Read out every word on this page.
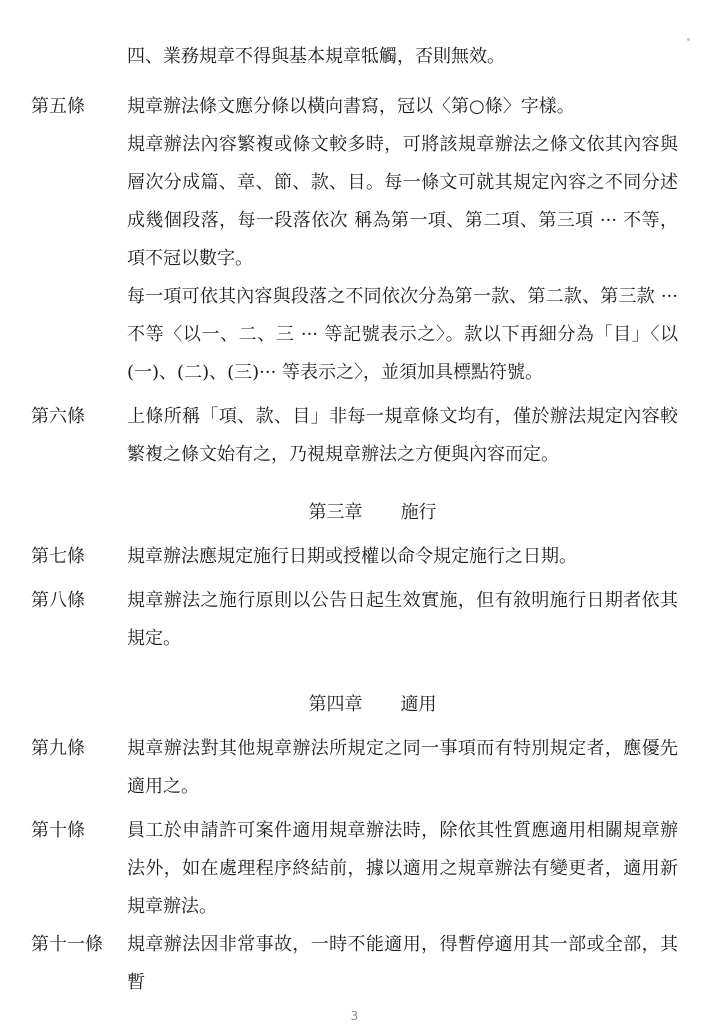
四、業務規章不得與基本規章牴觸，否則無效。

第五條	規章辦法條文應分條以橫向書寫，冠以〈第○條〉字樣。

規章辦法內容繁複或條文較多時，可將該規章辦法之條文依其內容與層次分成篇、章、節、款、目。每一條文可就其規定內容之不同分述成幾個段落，每一段落依次 稱為第一項、第二項、第三項 ··· 不等，項不冠以數字。

每一項可依其內容與段落之不同依次分為第一款、第二款、第三款 ··· 不等〈以一、二、三 ··· 等記號表示之〉。款以下再細分為「目」〈以(一)、(二)、(三)··· 等表示之〉，並須加具標點符號。

第六條	上條所稱「項、款、目」非每一規章條文均有，僅於辦法規定內容較繁複之條文始有之，乃視規章辦法之方便與內容而定。

第三章 施行
第七條	規章辦法應規定施行日期或授權以命令規定施行之日期。

第八條	規章辦法之施行原則以公告日起生效實施，但有敘明施行日期者依其規定。

第四章 適用
第九條	規章辦法對其他規章辦法所規定之同一事項而有特別規定者，應優先適用之。

第十條	員工於申請許可案件適用規章辦法時，除依其性質應適用相關規章辦法外，如在處理程序終結前，據以適用之規章辦法有變更者，適用新規章辦法。

第十一條	規章辦法因非常事故，一時不能適用，得暫停適用其一部或全部，其暫

3
